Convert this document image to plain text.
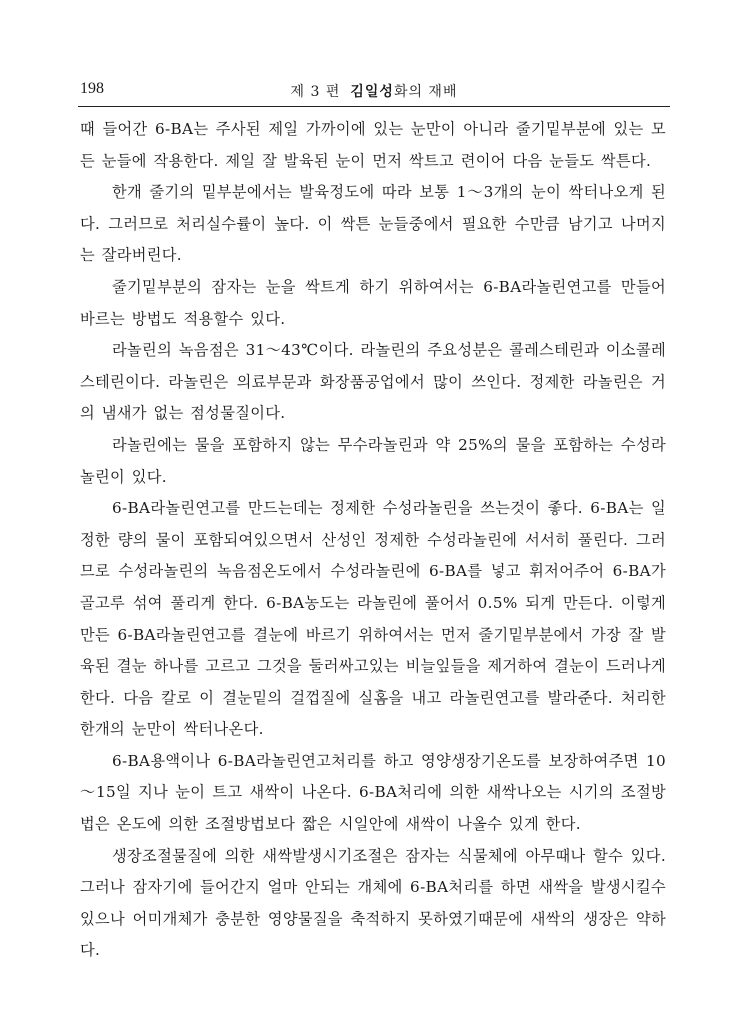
198	제 3 편 김일성화의 재배

때 들어간 6-BA는 주사된 제일 가까이에 있는 눈만이 아니라 줄기밑부분에 있는 모든 눈들에 작용한다. 제일 잘 발육된 눈이 먼저 싹트고 련이어 다음 눈들도 싹튼다.

한개 줄기의 밑부분에서는 발육정도에 따라 보통 1～3개의 눈이 싹터나오게 된다. 그러므로 처리실수률이 높다. 이 싹튼 눈들중에서 필요한 수만큼 남기고 나머지는 잘라버린다.

줄기밑부분의 잠자는 눈을 싹트게 하기 위하여서는 6-BA라놀린연고를 만들어 바르는 방법도 적용할수 있다.

라놀린의 녹음점은 31～43℃이다. 라놀린의 주요성분은 콜레스테린과 이소콜레스테린이다. 라놀린은 의료부문과 화장품공업에서 많이 쓰인다. 정제한 라놀린은 거의 냄새가 없는 점성물질이다.

라놀린에는 물을 포함하지 않는 무수라놀린과 약 25%의 물을 포함하는 수성라놀린이 있다.

6-BA라놀린연고를 만드는데는 정제한 수성라놀린을 쓰는것이 좋다. 6-BA는 일정한 량의 물이 포함되여있으면서 산성인 정제한 수성라놀린에 서서히 풀린다. 그러므로 수성라놀린의 녹음점온도에서 수성라놀린에 6-BA를 넣고 휘저어주어 6-BA가 골고루 섞여 풀리게 한다. 6-BA농도는 라놀린에 풀어서 0.5% 되게 만든다. 이렇게 만든 6-BA라놀린연고를 결눈에 바르기 위하여서는 먼저 줄기밑부분에서 가장 잘 발육된 결눈 하나를 고르고 그것을 둘러싸고있는 비늘잎들을 제거하여 결눈이 드러나게 한다. 다음 칼로 이 결눈밑의 걸껍질에 실홈을 내고 라놀린연고를 발라준다. 처리한 한개의 눈만이 싹터나온다.

6-BA용액이나 6-BA라놀린연고처리를 하고 영양생장기온도를 보장하여주면 10～15일 지나 눈이 트고 새싹이 나온다. 6-BA처리에 의한 새싹나오는 시기의 조절방법은 온도에 의한 조절방법보다 짧은 시일안에 새싹이 나올수 있게 한다.

생장조절물질에 의한 새싹발생시기조절은 잠자는 식물체에 아무때나 할수 있다. 그러나 잠자기에 들어간지 얼마 안되는 개체에 6-BA처리를 하면 새싹을 발생시킬수 있으나 어미개체가 충분한 영양물질을 축적하지 못하였기때문에 새싹의 생장은 약하다.
